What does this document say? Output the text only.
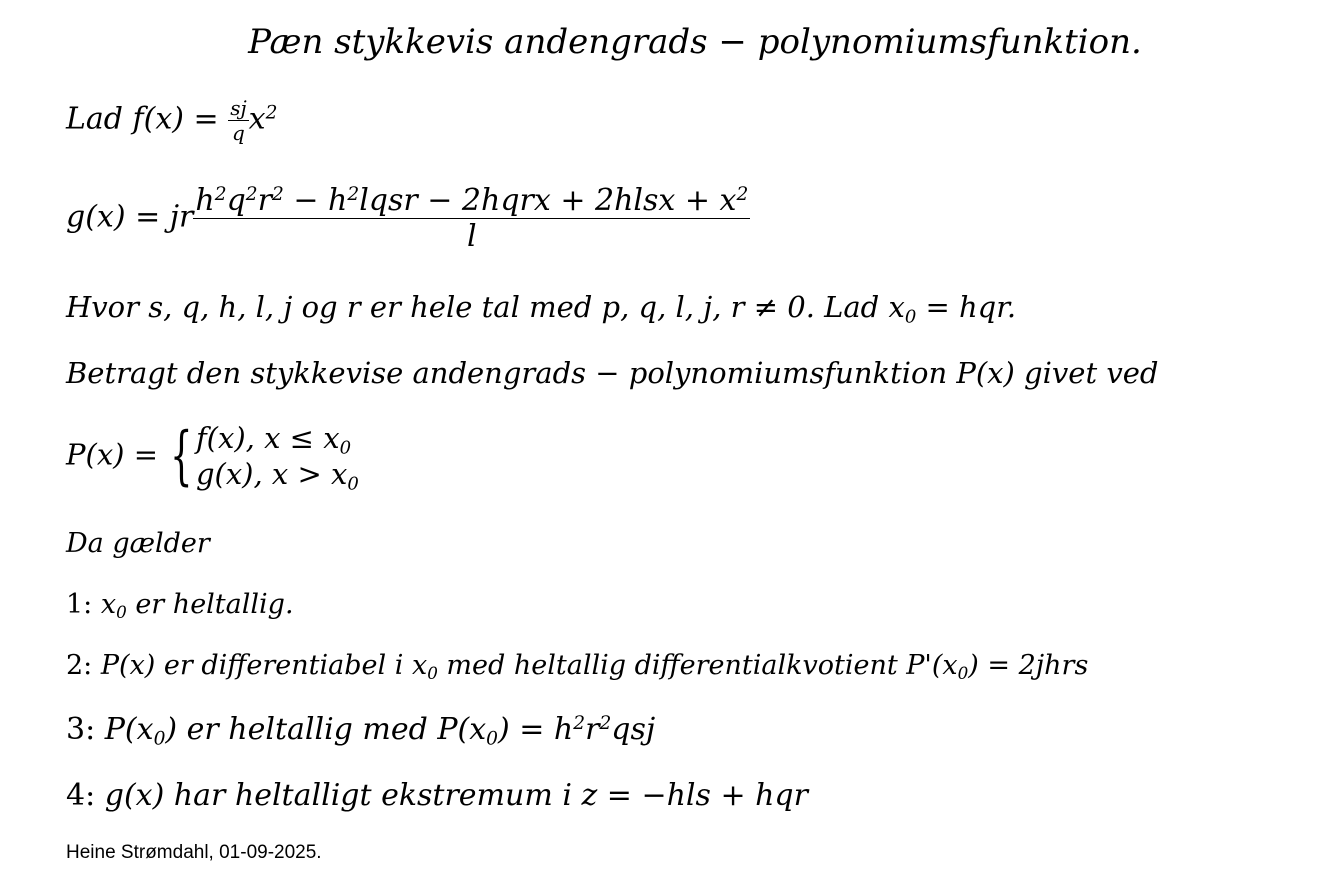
Pæn stykkevis andengrads − polynomiumsfunktion.
Lad $f(x) = \frac{sj}{q} x^2$
g(x) = jr $\frac{h^2q^2r^2 - h^2lqsr - 2hqrx + 2hlsx + x^2}{l}$
Hvor s, q, h, l, j og r er hele tal med p, q, l, j, r ≠ 0. Lad $x_0$ = hqr.
Betragt den stykkevise andengrads − polynomiumsfunktion P(x) givet ved
P(x) = { f(x), $x \le x_0$
g(x), $x > x_0$
Da gælder
1: $x_0$ er heltallig.
2: P(x) er differentiabel i $x_0$ med heltallig differentialkvotient $P'(x_0)$ = 2jhrs
3: $P(x_0)$ er heltallig med $P(x_0) = h^2r^2qsj$
4: g(x) har heltalligt ekstremum i z = −hls + hqr
Heine Strømdahl, 01-09-2025.
